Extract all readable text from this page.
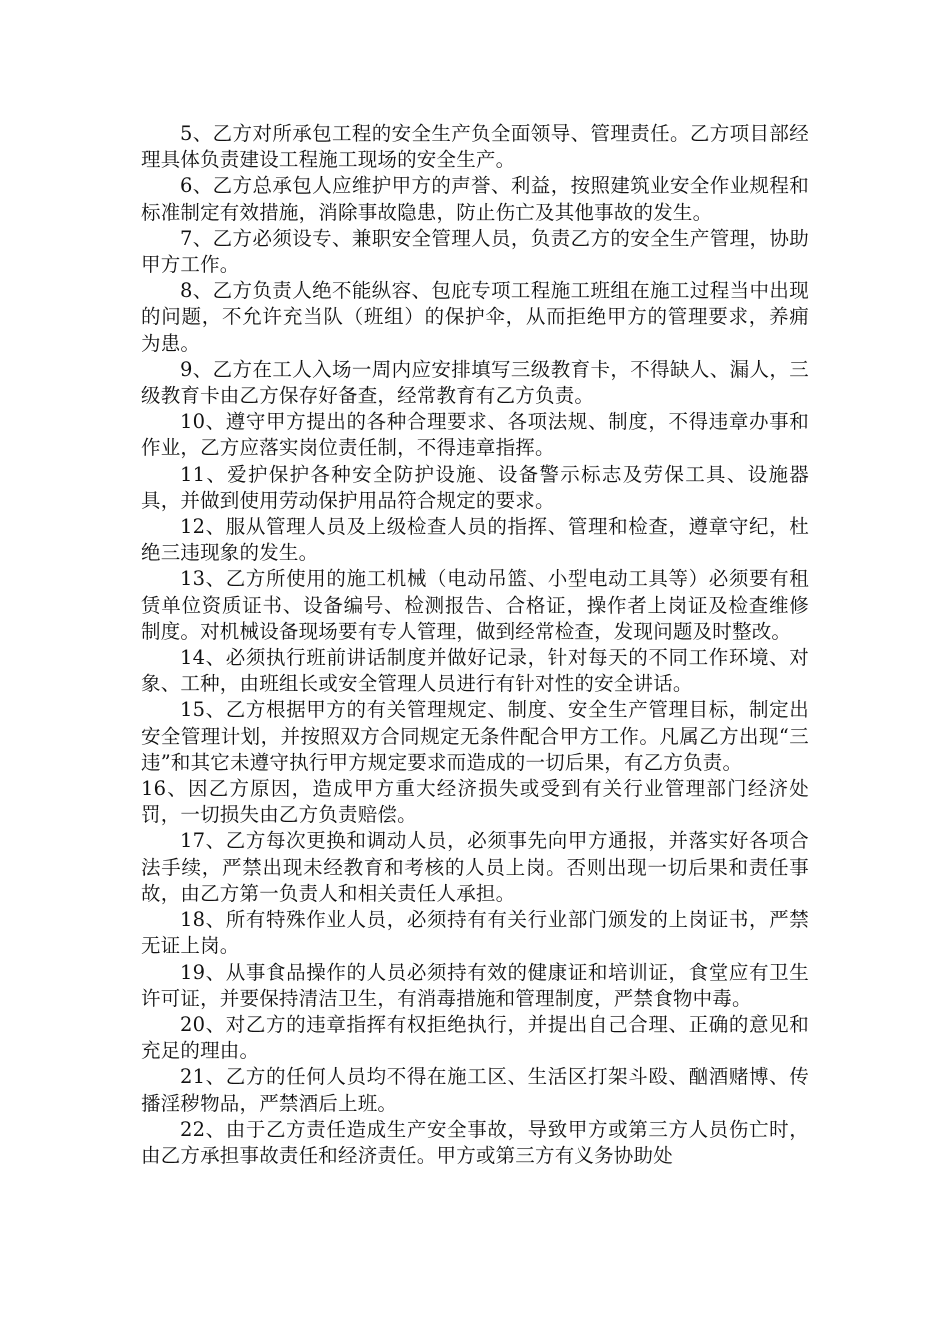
5、乙方对所承包工程的安全生产负全面领导、管理责任。乙方项目部经理具体负责建设工程施工现场的安全生产。

6、乙方总承包人应维护甲方的声誉、利益，按照建筑业安全作业规程和标准制定有效措施，消除事故隐患，防止伤亡及其他事故的发生。

7、乙方必须设专、兼职安全管理人员，负责乙方的安全生产管理，协助甲方工作。

8、乙方负责人绝不能纵容、包庇专项工程施工班组在施工过程当中出现的问题，不允许充当队（班组）的保护伞，从而拒绝甲方的管理要求，养痈为患。

9、乙方在工人入场一周内应安排填写三级教育卡，不得缺人、漏人，三级教育卡由乙方保存好备查，经常教育有乙方负责。

10、遵守甲方提出的各种合理要求、各项法规、制度，不得违章办事和作业，乙方应落实岗位责任制，不得违章指挥。

11、爱护保护各种安全防护设施、设备警示标志及劳保工具、设施器具，并做到使用劳动保护用品符合规定的要求。

12、服从管理人员及上级检查人员的指挥、管理和检查，遵章守纪，杜绝三违现象的发生。

13、乙方所使用的施工机械（电动吊篮、小型电动工具等）必须要有租赁单位资质证书、设备编号、检测报告、合格证，操作者上岗证及检查维修制度。对机械设备现场要有专人管理，做到经常检查，发现问题及时整改。

14、必须执行班前讲话制度并做好记录，针对每天的不同工作环境、对象、工种，由班组长或安全管理人员进行有针对性的安全讲话。

15、乙方根据甲方的有关管理规定、制度、安全生产管理目标，制定出安全管理计划，并按照双方合同规定无条件配合甲方工作。凡属乙方出现“三违”和其它未遵守执行甲方规定要求而造成的一切后果，有乙方负责。

16、因乙方原因，造成甲方重大经济损失或受到有关行业管理部门经济处罚，一切损失由乙方负责赔偿。

17、乙方每次更换和调动人员，必须事先向甲方通报，并落实好各项合法手续，严禁出现未经教育和考核的人员上岗。否则出现一切后果和责任事故，由乙方第一负责人和相关责任人承担。

18、所有特殊作业人员，必须持有有关行业部门颁发的上岗证书，严禁无证上岗。

19、从事食品操作的人员必须持有效的健康证和培训证，食堂应有卫生许可证，并要保持清洁卫生，有消毒措施和管理制度，严禁食物中毒。

20、对乙方的违章指挥有权拒绝执行，并提出自己合理、正确的意见和充足的理由。

21、乙方的任何人员均不得在施工区、生活区打架斗殴、酗酒赌博、传播淫秽物品，严禁酒后上班。

22、由于乙方责任造成生产安全事故，导致甲方或第三方人员伤亡时，由乙方承担事故责任和经济责任。甲方或第三方有义务协助处
